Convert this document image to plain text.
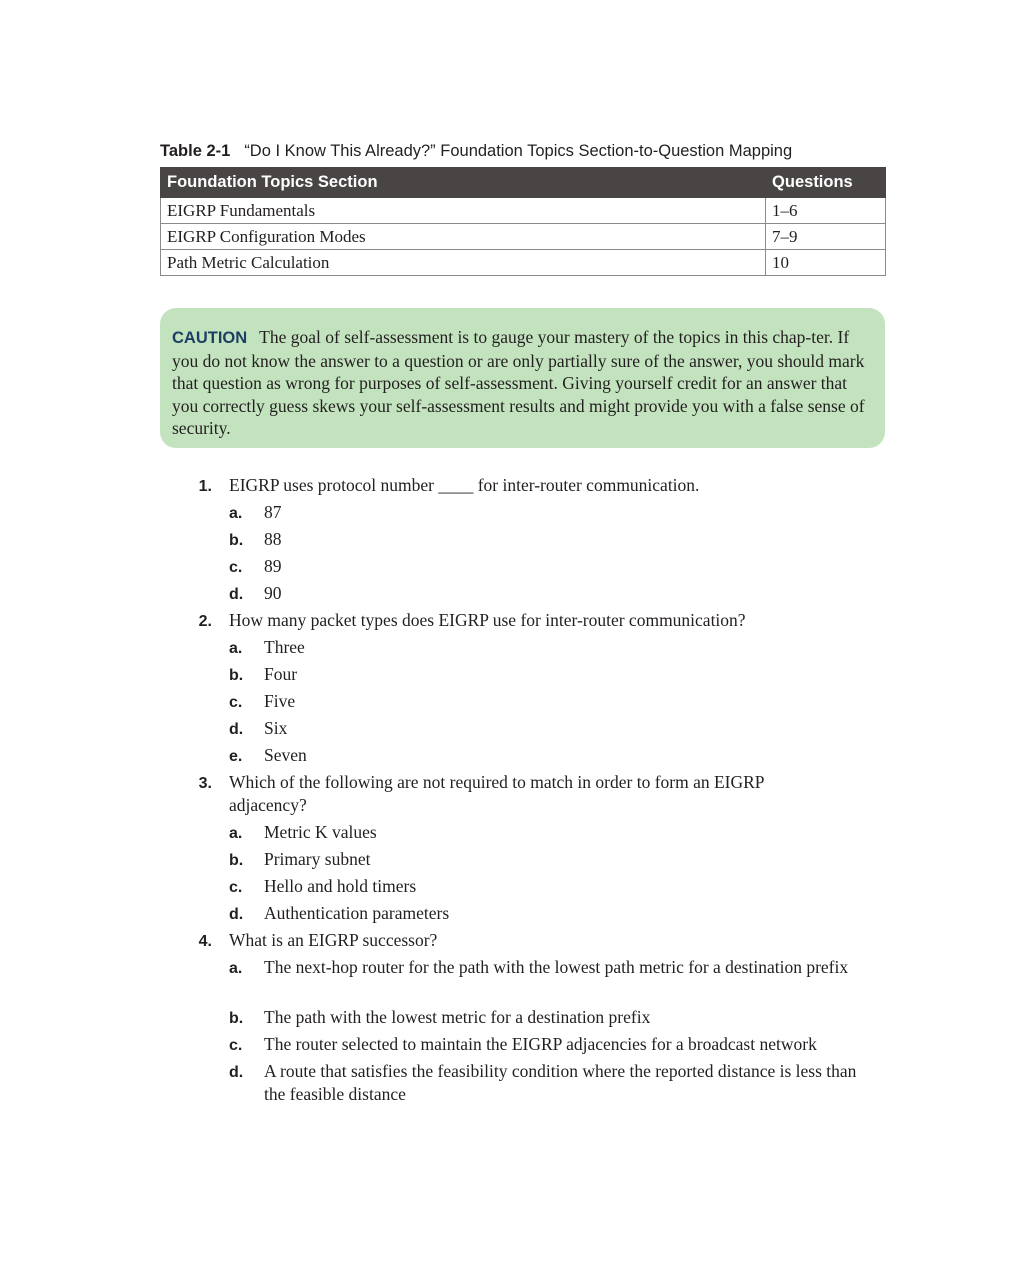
Table 2-1 “Do I Know This Already?” Foundation Topics Section-to-Question Mapping
Foundation Topics Section	Questions
EIGRP Fundamentals	1–6
EIGRP Configuration Modes	7–9
Path Metric Calculation	10
CAUTION The goal of self-assessment is to gauge your mastery of the topics in this chap-ter. If you do not know the answer to a question or are only partially sure of the answer, you should mark that question as wrong for purposes of self-assessment. Giving yourself credit for an answer that you correctly guess skews your self-assessment results and might provide you with a false sense of security.
1. EIGRP uses protocol number ____ for inter-router communication.
a. 87
b. 88
c. 89
d. 90
2. How many packet types does EIGRP use for inter-router communication?
a. Three
b. Four
c. Five
d. Six
e. Seven
3. Which of the following are not required to match in order to form an EIGRP adjacency?
a. Metric K values
b. Primary subnet
c. Hello and hold timers
d. Authentication parameters
4. What is an EIGRP successor?
a. The next-hop router for the path with the lowest path metric for a destination prefix
b. The path with the lowest metric for a destination prefix
c. The router selected to maintain the EIGRP adjacencies for a broadcast network
d. A route that satisfies the feasibility condition where the reported distance is less than the feasible distance
